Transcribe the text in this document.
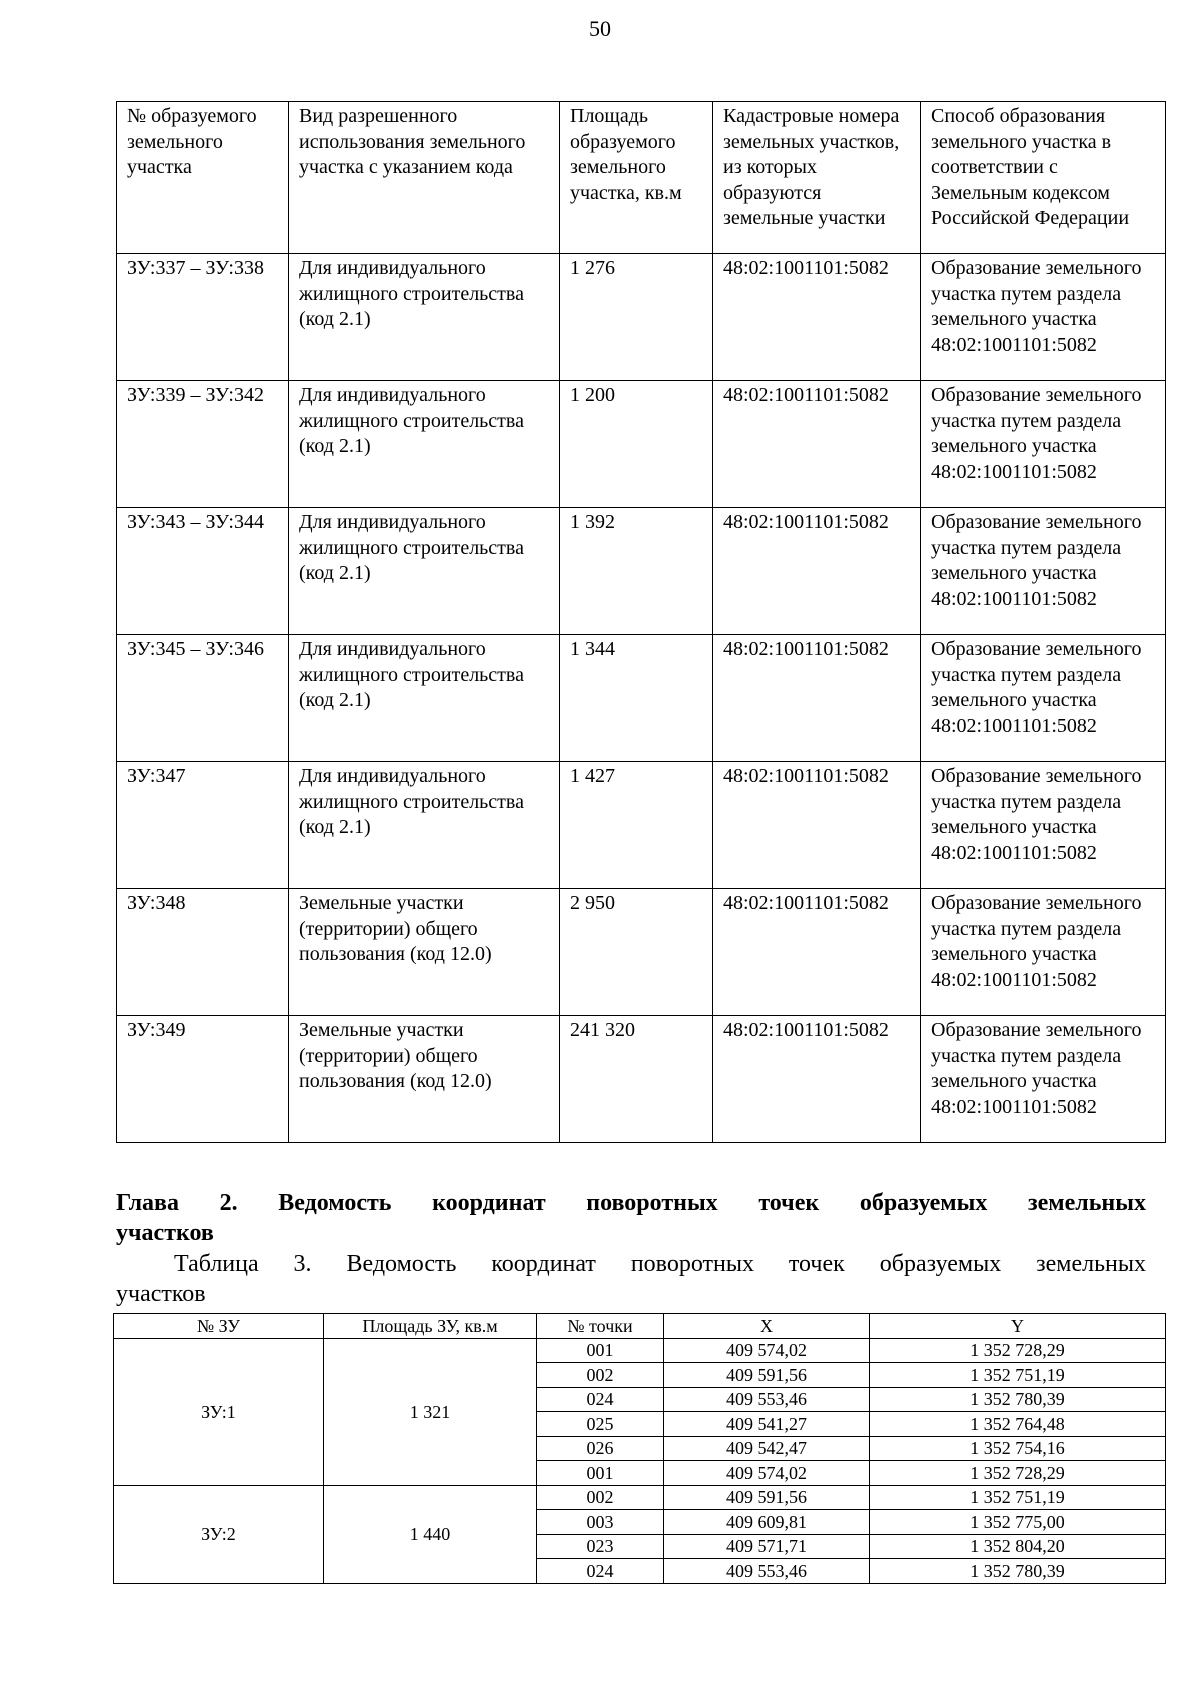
50
№ образуемого земельного участка	Вид разрешенного использования земельного участка с указанием кода	Площадь образуемого земельного участка, кв.м	Кадастровые номера земельных участков, из которых образуются земельные участки	Способ образования земельного участка в соответствии с Земельным кодексом Российской Федерации
ЗУ:337 – ЗУ:338	Для индивидуального жилищного строительства (код 2.1)	1 276	48:02:1001101:5082	Образование земельного участка путем раздела земельного участка 48:02:1001101:5082
ЗУ:339 – ЗУ:342	Для индивидуального жилищного строительства (код 2.1)	1 200	48:02:1001101:5082	Образование земельного участка путем раздела земельного участка 48:02:1001101:5082
ЗУ:343 – ЗУ:344	Для индивидуального жилищного строительства (код 2.1)	1 392	48:02:1001101:5082	Образование земельного участка путем раздела земельного участка 48:02:1001101:5082
ЗУ:345 – ЗУ:346	Для индивидуального жилищного строительства (код 2.1)	1 344	48:02:1001101:5082	Образование земельного участка путем раздела земельного участка 48:02:1001101:5082
ЗУ:347	Для индивидуального жилищного строительства (код 2.1)	1 427	48:02:1001101:5082	Образование земельного участка путем раздела земельного участка 48:02:1001101:5082
ЗУ:348	Земельные участки (территории) общего пользования (код 12.0)	2 950	48:02:1001101:5082	Образование земельного участка путем раздела земельного участка 48:02:1001101:5082
ЗУ:349	Земельные участки (территории) общего пользования (код 12.0)	241 320	48:02:1001101:5082	Образование земельного участка путем раздела земельного участка 48:02:1001101:5082
Глава 2. Ведомость координат поворотных точек образуемых земельных
участков
Таблица 3. Ведомость координат поворотных точек образуемых земельных
участков
№ ЗУ	Площадь ЗУ, кв.м	№ точки	X	Y
ЗУ:1	1 321	001	409 574,02	1 352 728,29
		002	409 591,56	1 352 751,19
		024	409 553,46	1 352 780,39
		025	409 541,27	1 352 764,48
		026	409 542,47	1 352 754,16
		001	409 574,02	1 352 728,29
ЗУ:2	1 440	002	409 591,56	1 352 751,19
		003	409 609,81	1 352 775,00
		023	409 571,71	1 352 804,20
		024	409 553,46	1 352 780,39
